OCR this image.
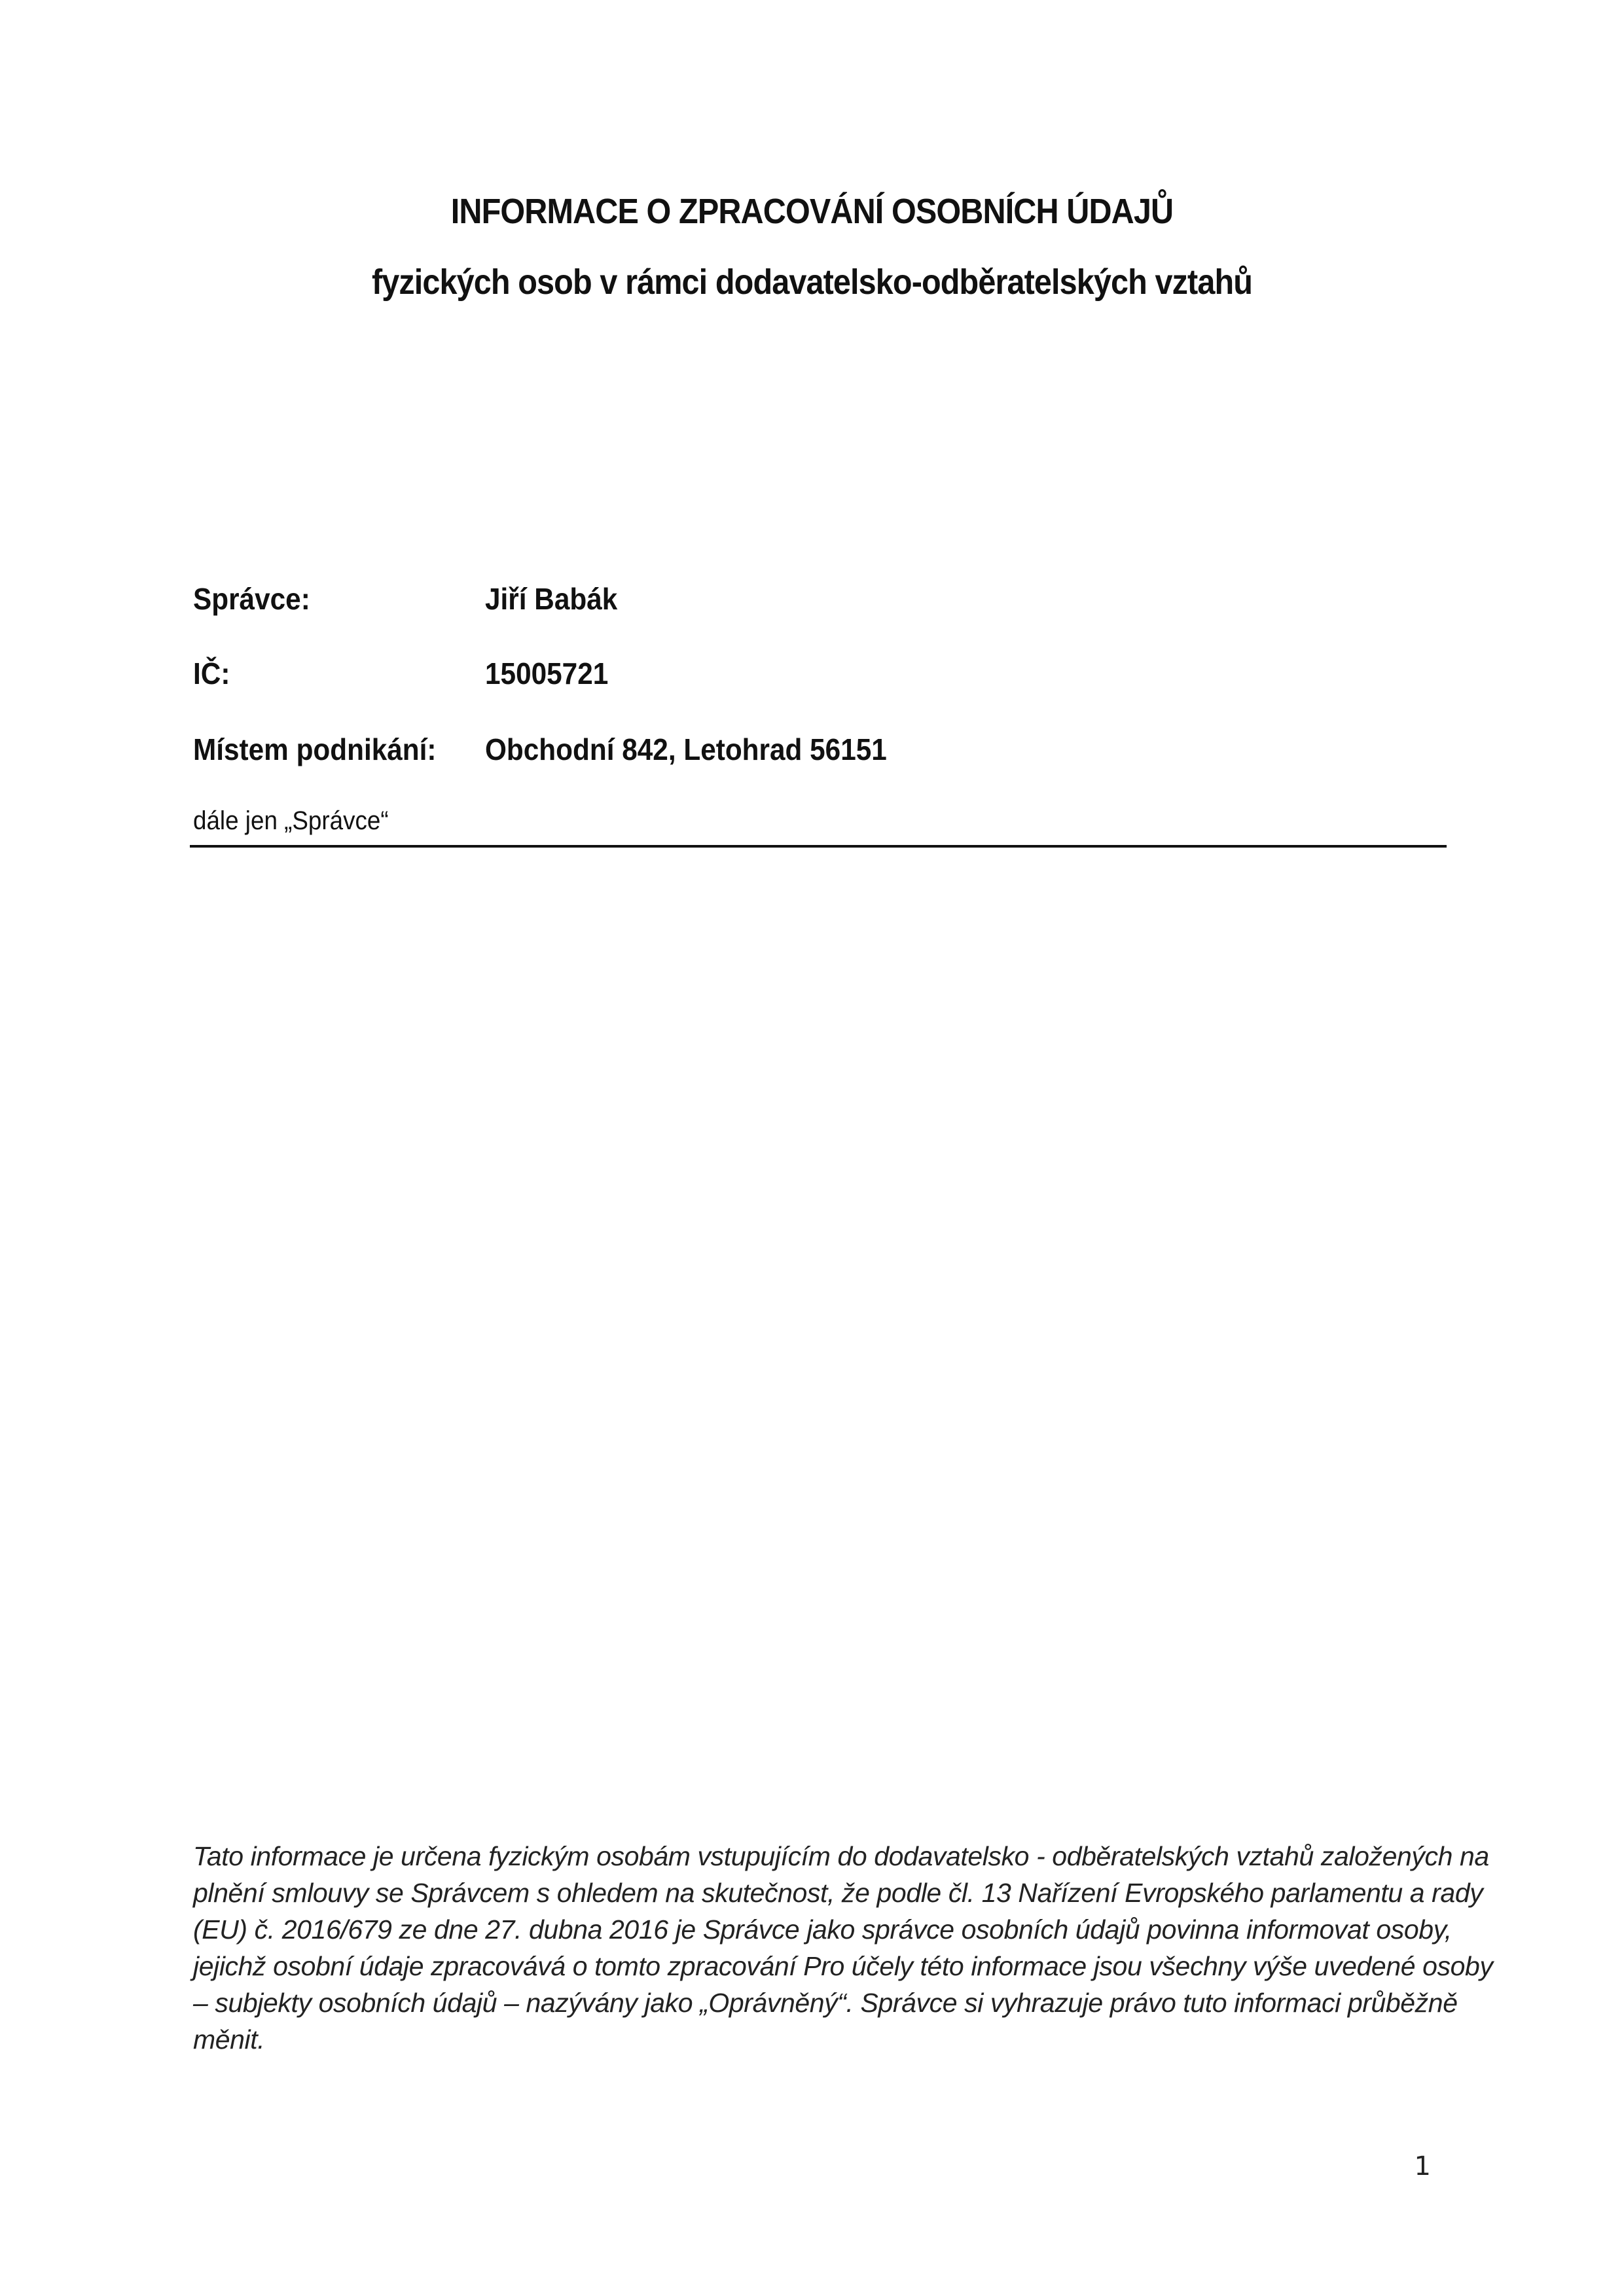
INFORMACE O ZPRACOVÁNÍ OSOBNÍCH ÚDAJŮ
fyzických osob v rámci dodavatelsko-odběratelských vztahů
Správce:	Jiří Babák
IČ:	15005721
Místem podnikání: Obchodní 842, Letohrad 56151
dále jen „Správce“
Tato informace je určena fyzickým osobám vstupujícím do dodavatelsko - odběratelských vztahů založených na
plnění smlouvy se Správcem s ohledem na skutečnost, že podle čl. 13 Nařízení Evropského parlamentu a rady
(EU) č. 2016/679 ze dne 27. dubna 2016 je Správce jako správce osobních údajů povinna informovat osoby,
jejichž osobní údaje zpracovává o tomto zpracování Pro účely této informace jsou všechny výše uvedené osoby
– subjekty osobních údajů – nazývány jako „Oprávněný“. Správce si vyhrazuje právo tuto informaci průběžně
měnit.
1
